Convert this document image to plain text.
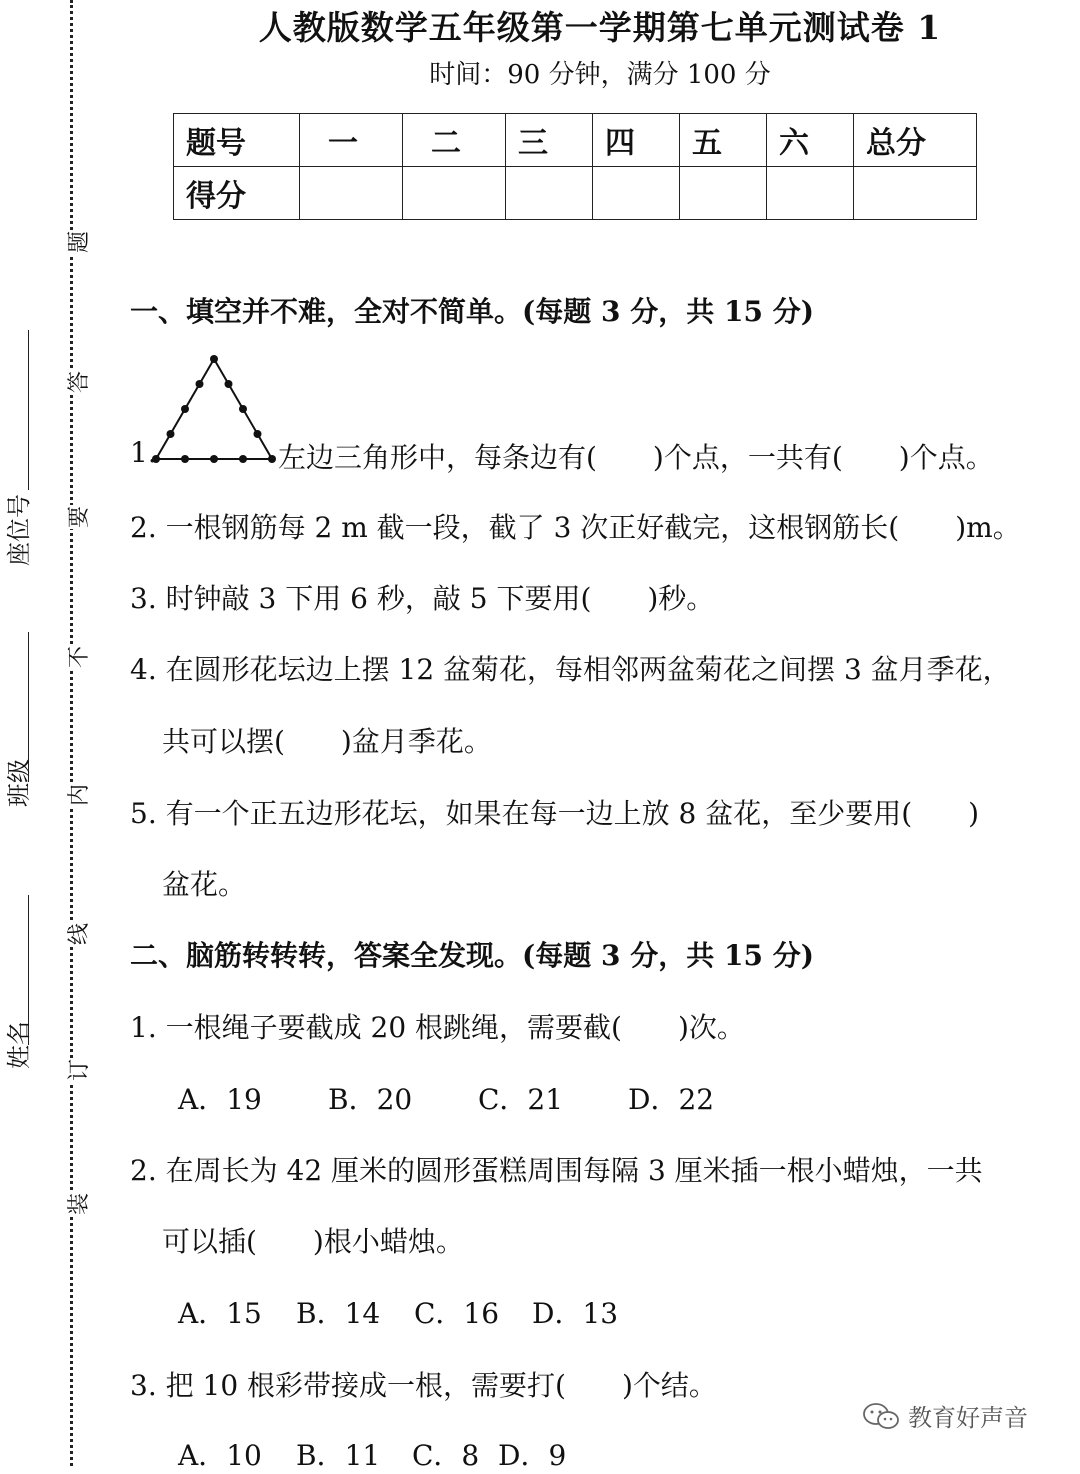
题
答
要
不
内
线
订
装
座位号
班级
姓名
人教版数学五年级第一学期第七单元测试卷 1
时间：90 分钟，满分 100 分
题号	一	二	三	四	五	六	总分
得分							
一、填空并不难，全对不简单。(每题 3 分，共 15 分)
1.	左边三角形中，每条边有(　　)个点，一共有(　　)个点。
2. 一根钢筋每 2 m 截一段，截了 3 次正好截完，这根钢筋长(　　)m。
3. 时钟敲 3 下用 6 秒，敲 5 下要用(　　)秒。
4. 在圆形花坛边上摆 12 盆菊花，每相邻两盆菊花之间摆 3 盆月季花，
共可以摆(　　)盆月季花。
5. 有一个正五边形花坛，如果在每一边上放 8 盆花，至少要用(　　)
盆花。
二、脑筋转转转，答案全发现。(每题 3 分，共 15 分)
1. 一根绳子要截成 20 根跳绳，需要截(　　)次。
A．19 B．20 C．21 D．22
2. 在周长为 42 厘米的圆形蛋糕周围每隔 3 厘米插一根小蜡烛，一共
可以插(　　)根小蜡烛。
A．15 B．14 C．16 D．13
3. 把 10 根彩带接成一根，需要打(　　)个结。
A．10 B．11 C．8 D．9
教育好声音
